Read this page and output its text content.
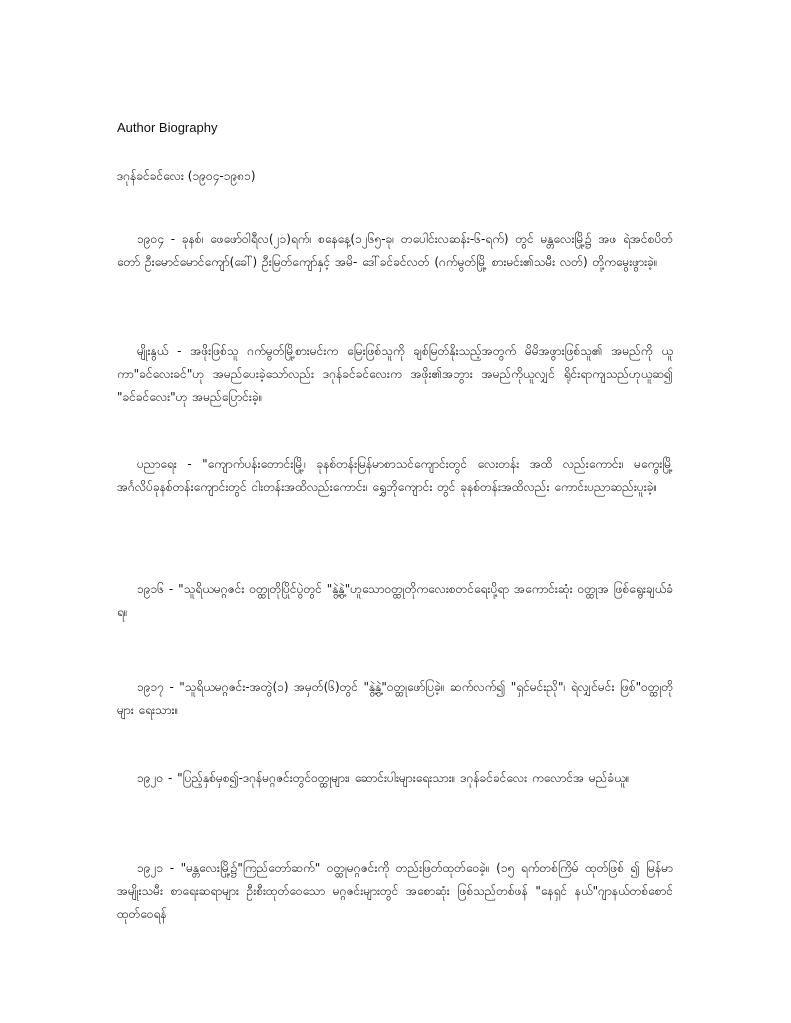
Author Biography
ဒဂုန်ခင်ခင်လေး (၁၉ဝ၄-၁၉၈၁)

၁၉ဝ၄ - ခုနစ်၊ ဖေဖော်ဝါရီလ(၂၁)ရက်၊ စနေနေ့(၁၂၆၅-ခု၊ တပေါင်းလဆန်း-၆-ရက်) တွင် မန္တလေးမြို့၌ အဖ ရဲအင်စပိတ်တော် ဦးမောင်မောင်ကျော်(ခေါ်) ဦးမြတ်ကျော်နှင့် အမိ- ဒေါ်ခင်ခင်လတ် (ဂက်မွတ်မြို့ စားမင်း၏သမီး လတ်) တို့ကမွေးဖွားခဲ့။

မျိုးနွယ် - အဖိုးဖြစ်သူ ဂက်မွတ်မြို့စားမင်းက မြေးဖြစ်သူကို ချစ်မြတ်နိုးသည့်အတွက် မိမိအဖွားဖြစ်သူ၏ အမည်ကို ယူကာ"ခင်လေးခင်"ဟု အမည်ပေးခဲ့သော်လည်း ဒဂုန်ခင်ခင်လေးက အဖိုး၏အဘွား အမည်ကိုယူလျှင် ရိုင်းရာကျသည်ဟုယူဆ၍ "ခင်ခင်လေး"ဟု အမည်ပြောင်းခဲ့။

ပညာရေး - "ကျောက်ပန်းတောင်းမြို့၊ ခုနစ်တန်းမြန်မာစာသင်ကျောင်းတွင် လေးတန်း အထိ လည်းကောင်း၊ မကွေးမြို့ အင်္ဂလိပ်ခုနစ်တန်းကျောင်းတွင် ငါးတန်းအထိလည်းကောင်း၊ ရွှေဘိုကျောင်း တွင် ခုနစ်တန်းအထိလည်း ကောင်းပညာဆည်းပူးခဲ့။

၁၉၁၆ - "သူရိယမဂ္ဂဇင်း ဝတ္ထုတိုပြိုင်ပွဲတွင် "နွဲ့နွဲ့"ဟူသောဝတ္ထုတိုကလေးစတင်ရေးပို့ရာ အကောင်းဆုံး ဝတ္ထုအ ဖြစ်ရွေးချယ်ခံရ။

၁၉၁၇ - "သူရိယမဂ္ဂဇင်း-အတွဲ(၁) အမှတ်(၆)တွင် "နွဲ့နွဲ့"ဝတ္ထုဖော်ပြခဲ့။ ဆက်လက်၍ "ရှင်မင်းညို"၊ ရဲလျှင်မင်း ဖြစ်"ဝတ္ထုတိုများ ရေးသား။

၁၉၂၀ - "ပြည့်နှစ်မှစ၍-ဒဂုန်မဂ္ဂဇင်းတွင်ဝတ္ထုများ၊ ဆောင်းပါးများရေးသား။ ဒဂုန်ခင်ခင်လေး ကလောင်အ မည်ခံယူ။

၁၉၂၁ - "မန္တလေးမြို့၌"ကြည်တော်ဆက်" ဝတ္ထုမဂ္ဂဇင်းကို တည်းဖြတ်ထုတ်ဝေခဲ့။ (၁၅ ရက်တစ်ကြိမ် ထုတ်ဖြစ် ၍ မြန်မာအမျိုးသမီး စာရေးဆရာများ ဦးစီးထုတ်ဝေသော မဂ္ဂဇင်းများတွင် အစောဆုံး ဖြစ်သည်တစ်ဖန် "နေရှင် နယ်"ဂျာနယ်တစ်စောင် ထုတ်ဝေရန်
